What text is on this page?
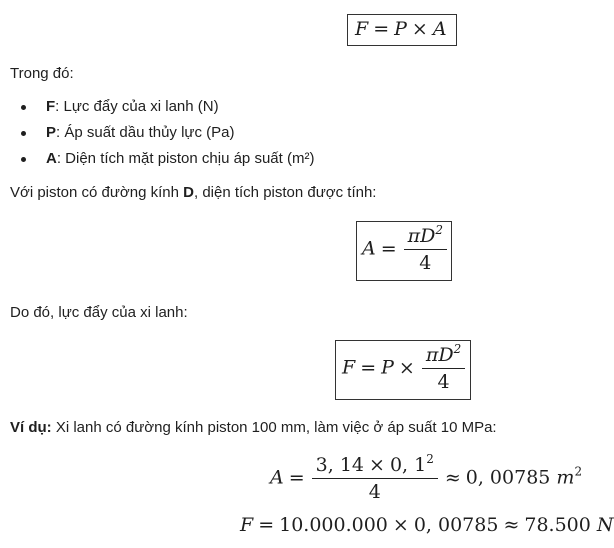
F = P × A
Trong đó:
F: Lực đẩy của xi lanh (N)
P: Áp suất dầu thủy lực (Pa)
A: Diện tích mặt piston chịu áp suất (m²)
Với piston có đường kính D, diện tích piston được tính:
$A = \frac{\pi D^2}{4}$
Do đó, lực đẩy của xi lanh:
$F = P \times \frac{\pi D^2}{4}$
Ví dụ: Xi lanh có đường kính piston 100 mm, làm việc ở áp suất 10 MPa:
$A = \frac{3, 14 \times 0, 1^2}{4} \approx 0$, 00785 $m^2$
F = 10.000.000 × 0, 00785 ≈ 78.500 N
